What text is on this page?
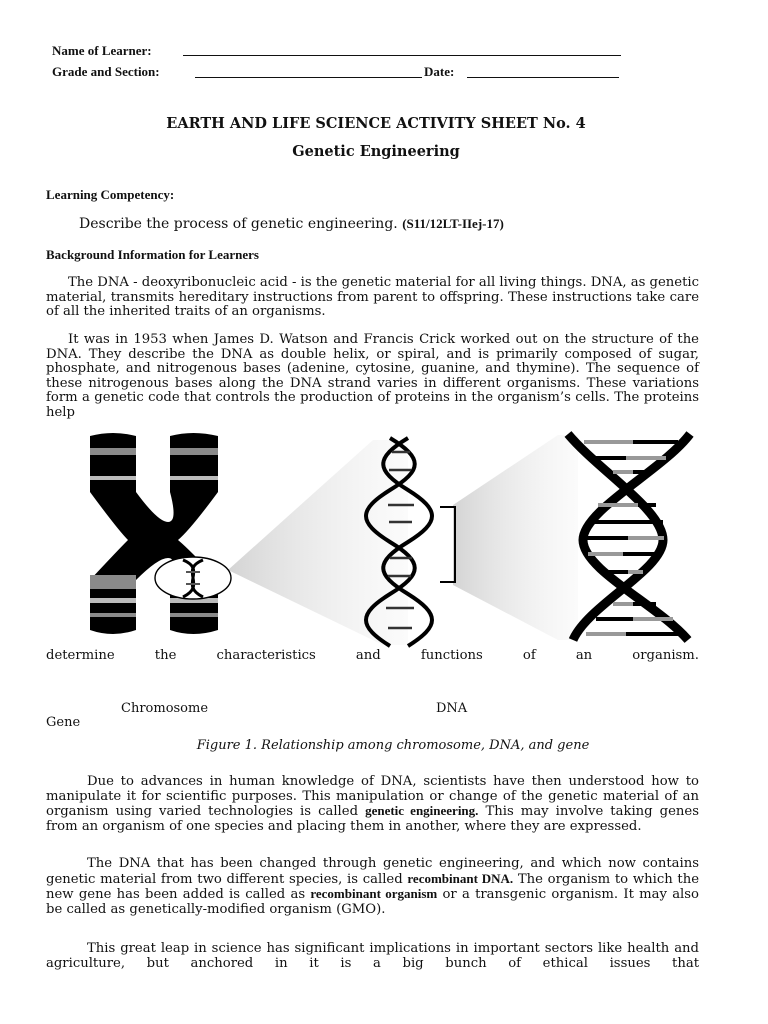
Name of Learner:
Grade and Section:	Date:
EARTH AND LIFE SCIENCE ACTIVITY SHEET No. 4
Genetic Engineering
Learning Competency:
Describe the process of genetic engineering. (S11/12LT-IIej-17)
Background Information for Learners

The DNA - deoxyribonucleic acid - is the genetic material for all living things. DNA, as genetic material, transmits hereditary instructions from parent to offspring. These instructions take care of all the inherited traits of an organisms.

It was in 1953 when James D. Watson and Francis Crick worked out on the structure of the DNA. They describe the DNA as double helix, or spiral, and is primarily composed of sugar, phosphate, and nitrogenous bases (adenine, cytosine, guanine, and thymine). The sequence of these nitrogenous bases along the DNA strand varies in different organisms. These variations form a genetic code that controls the production of proteins in the organism’s cells. The proteins help

determine the characteristics and functions of an organism.
Chromosome	DNA
Gene
Figure 1. Relationship among chromosome, DNA, and gene

Due to advances in human knowledge of DNA, scientists have then understood how to manipulate it for scientific purposes. This manipulation or change of the genetic material of an organism using varied technologies is called genetic engineering. This may involve taking genes from an organism of one species and placing them in another, where they are expressed.

The DNA that has been changed through genetic engineering, and which now contains genetic material from two different species, is called recombinant DNA. The organism to which the new gene has been added is called as recombinant organism or a transgenic organism. It may also be called as genetically-modified organism (GMO).

This great leap in science has significant implications in important sectors like health and agriculture, but anchored in it is a big bunch of ethical issues that
